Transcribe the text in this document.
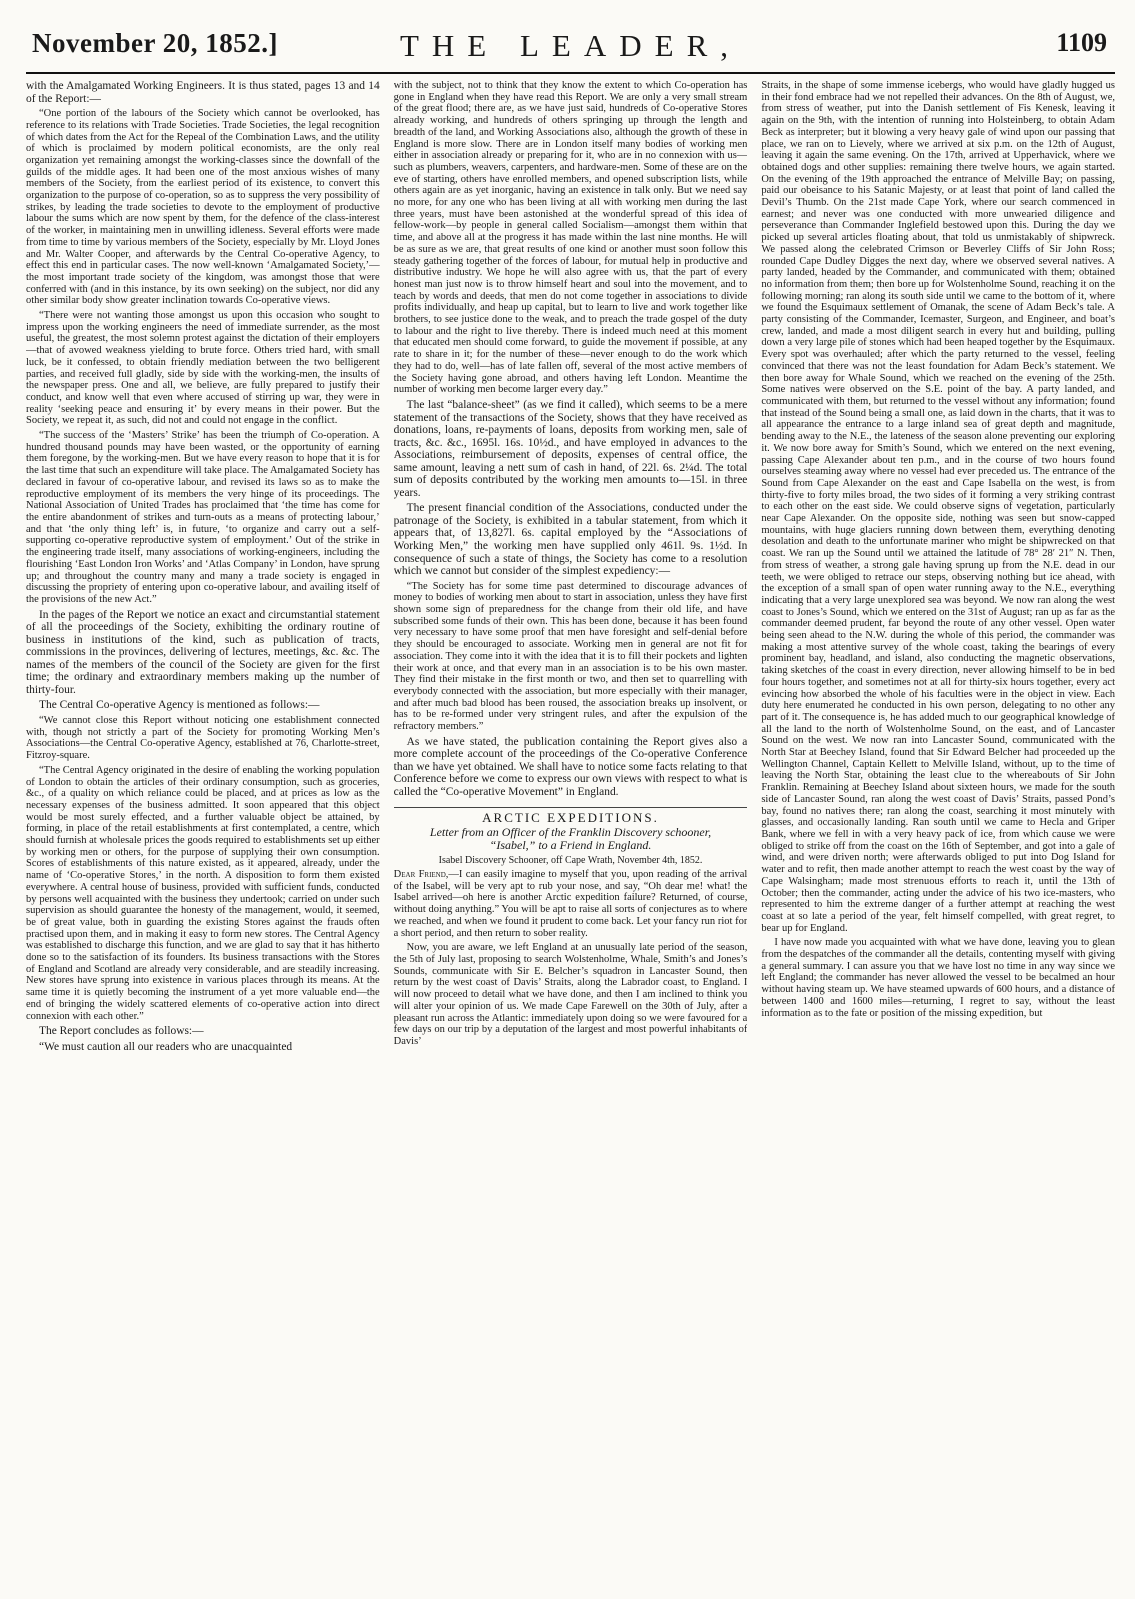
November 20, 1852.]	THE LEADER,	1109

with the Amalgamated Working Engineers. It is thus stated, pages 13 and 14 of the Report:—

“One portion of the labours of the Society which cannot be overlooked, has reference to its relations with Trade Societies. Trade Societies, the legal recognition of which dates from the Act for the Repeal of the Combination Laws, and the utility of which is proclaimed by modern political economists, are the only real organization yet remaining amongst the working-classes since the downfall of the guilds of the middle ages. It had been one of the most anxious wishes of many members of the Society, from the earliest period of its existence, to convert this organization to the purpose of co-operation, so as to suppress the very possibility of strikes, by leading the trade societies to devote to the employment of productive labour the sums which are now spent by them, for the defence of the class-interest of the worker, in maintaining men in unwilling idleness. Several efforts were made from time to time by various members of the Society, especially by Mr. Lloyd Jones and Mr. Walter Cooper, and afterwards by the Central Co-operative Agency, to effect this end in particular cases. The now well-known ‘Amalgamated Society,’—the most important trade society of the kingdom, was amongst those that were conferred with (and in this instance, by its own seeking) on the subject, nor did any other similar body show greater inclination towards Co-operative views.

“There were not wanting those amongst us upon this occasion who sought to impress upon the working engineers the need of immediate surrender, as the most useful, the greatest, the most solemn protest against the dictation of their employers—that of avowed weakness yielding to brute force. Others tried hard, with small luck, be it confessed, to obtain friendly mediation between the two belligerent parties, and received full gladly, side by side with the working-men, the insults of the newspaper press. One and all, we believe, are fully prepared to justify their conduct, and know well that even where accused of stirring up war, they were in reality ‘seeking peace and ensuring it’ by every means in their power. But the Society, we repeat it, as such, did not and could not engage in the conflict.

“The success of the ‘Masters’ Strike’ has been the triumph of Co-operation. A hundred thousand pounds may have been wasted, or the opportunity of earning them foregone, by the working-men. But we have every reason to hope that it is for the last time that such an expenditure will take place. The Amalgamated Society has declared in favour of co-operative labour, and revised its laws so as to make the reproductive employment of its members the very hinge of its proceedings. The National Association of United Trades has proclaimed that ‘the time has come for the entire abandonment of strikes and turn-outs as a means of protecting labour,’ and that ‘the only thing left’ is, in future, ‘to organize and carry out a self-supporting co-operative reproductive system of employment.’ Out of the strike in the engineering trade itself, many associations of working-engineers, including the flourishing ‘East London Iron Works’ and ‘Atlas Company’ in London, have sprung up; and throughout the country many and many a trade society is engaged in discussing the propriety of entering upon co-operative labour, and availing itself of the provisions of the new Act.”

In the pages of the Report we notice an exact and circumstantial statement of all the proceedings of the Society, exhibiting the ordinary routine of business in institutions of the kind, such as publication of tracts, commissions in the provinces, delivering of lectures, meetings, &c. &c. The names of the members of the council of the Society are given for the first time; the ordinary and extraordinary members making up the number of thirty-four.

The Central Co-operative Agency is mentioned as follows:—

“We cannot close this Report without noticing one establishment connected with, though not strictly a part of the Society for promoting Working Men’s Associations—the Central Co-operative Agency, established at 76, Charlotte-street, Fitzroy-square.

“The Central Agency originated in the desire of enabling the working population of London to obtain the articles of their ordinary consumption, such as groceries, &c., of a quality on which reliance could be placed, and at prices as low as the necessary expenses of the business admitted. It soon appeared that this object would be most surely effected, and a further valuable object be attained, by forming, in place of the retail establishments at first contemplated, a centre, which should furnish at wholesale prices the goods required to establishments set up either by working men or others, for the purpose of supplying their own consumption. Scores of establishments of this nature existed, as it appeared, already, under the name of ‘Co-operative Stores,’ in the north. A disposition to form them existed everywhere. A central house of business, provided with sufficient funds, conducted by persons well acquainted with the business they undertook; carried on under such supervision as should guarantee the honesty of the management, would, it seemed, be of great value, both in guarding the existing Stores against the frauds often practised upon them, and in making it easy to form new stores. The Central Agency was established to discharge this function, and we are glad to say that it has hitherto done so to the satisfaction of its founders. Its business transactions with the Stores of England and Scotland are already very considerable, and are steadily increasing. New stores have sprung into existence in various places through its means. At the same time it is quietly becoming the instrument of a yet more valuable end—the end of bringing the widely scattered elements of co-operative action into direct connexion with each other.”

The Report concludes as follows:—

“We must caution all our readers who are unacquainted

with the subject, not to think that they know the extent to which Co-operation has gone in England when they have read this Report. We are only a very small stream of the great flood; there are, as we have just said, hundreds of Co-operative Stores already working, and hundreds of others springing up through the length and breadth of the land, and Working Associations also, although the growth of these in England is more slow. There are in London itself many bodies of working men either in association already or preparing for it, who are in no connexion with us—such as plumbers, weavers, carpenters, and hardware-men. Some of these are on the eve of starting, others have enrolled members, and opened subscription lists, while others again are as yet inorganic, having an existence in talk only. But we need say no more, for any one who has been living at all with working men during the last three years, must have been astonished at the wonderful spread of this idea of fellow-work—by people in general called Socialism—amongst them within that time, and above all at the progress it has made within the last nine months. He will be as sure as we are, that great results of one kind or another must soon follow this steady gathering together of the forces of labour, for mutual help in productive and distributive industry. We hope he will also agree with us, that the part of every honest man just now is to throw himself heart and soul into the movement, and to teach by words and deeds, that men do not come together in associations to divide profits individually, and heap up capital, but to learn to live and work together like brothers, to see justice done to the weak, and to preach the trade gospel of the duty to labour and the right to live thereby. There is indeed much need at this moment that educated men should come forward, to guide the movement if possible, at any rate to share in it; for the number of these—never enough to do the work which they had to do, well—has of late fallen off, several of the most active members of the Society having gone abroad, and others having left London. Meantime the number of working men become larger every day.”

The last “balance-sheet” (as we find it called), which seems to be a mere statement of the transactions of the Society, shows that they have received as donations, loans, re-payments of loans, deposits from working men, sale of tracts, &c. &c., 1695l. 16s. 10½d., and have employed in advances to the Associations, reimbursement of deposits, expenses of central office, the same amount, leaving a nett sum of cash in hand, of 22l. 6s. 2¼d. The total sum of deposits contributed by the working men amounts to—15l. in three years.

The present financial condition of the Associations, conducted under the patronage of the Society, is exhibited in a tabular statement, from which it appears that, of 13,827l. 6s. capital employed by the “Associations of Working Men,” the working men have supplied only 461l. 9s. 1½d. In consequence of such a state of things, the Society has come to a resolution which we cannot but consider of the simplest expediency:—

“The Society has for some time past determined to discourage advances of money to bodies of working men about to start in association, unless they have first shown some sign of preparedness for the change from their old life, and have subscribed some funds of their own. This has been done, because it has been found very necessary to have some proof that men have foresight and self-denial before they should be encouraged to associate. Working men in general are not fit for association. They come into it with the idea that it is to fill their pockets and lighten their work at once, and that every man in an association is to be his own master. They find their mistake in the first month or two, and then set to quarrelling with everybody connected with the association, but more especially with their manager, and after much bad blood has been roused, the association breaks up insolvent, or has to be re-formed under very stringent rules, and after the expulsion of the refractory members.”

As we have stated, the publication containing the Report gives also a more complete account of the proceedings of the Co-operative Conference than we have yet obtained. We shall have to notice some facts relating to that Conference before we come to express our own views with respect to what is called the “Co-operative Movement” in England.

ARCTIC EXPEDITIONS.
Letter from an Officer of the Franklin Discovery schooner, “Isabel,” to a Friend in England.
Isabel Discovery Schooner, off Cape Wrath, November 4th, 1852.

Dear Friend,—I can easily imagine to myself that you, upon reading of the arrival of the Isabel, will be very apt to rub your nose, and say, “Oh dear me! what! the Isabel arrived—oh here is another Arctic expedition failure? Returned, of course, without doing anything.” You will be apt to raise all sorts of conjectures as to where we reached, and when we found it prudent to come back. Let your fancy run riot for a short period, and then return to sober reality.

Now, you are aware, we left England at an unusually late period of the season, the 5th of July last, proposing to search Wolstenholme, Whale, Smith’s and Jones’s Sounds, communicate with Sir E. Belcher’s squadron in Lancaster Sound, then return by the west coast of Davis’ Straits, along the Labrador coast, to England. I will now proceed to detail what we have done, and then I am inclined to think you will alter your opinion of us. We made Cape Farewell on the 30th of July, after a pleasant run across the Atlantic: immediately upon doing so we were favoured for a few days on our trip by a deputation of the largest and most powerful inhabitants of Davis’

Straits, in the shape of some immense icebergs, who would have gladly hugged us in their fond embrace had we not repelled their advances. On the 8th of August, we, from stress of weather, put into the Danish settlement of Fis Kenesk, leaving it again on the 9th, with the intention of running into Holsteinberg, to obtain Adam Beck as interpreter; but it blowing a very heavy gale of wind upon our passing that place, we ran on to Lievely, where we arrived at six p.m. on the 12th of August, leaving it again the same evening. On the 17th, arrived at Upperhavick, where we obtained dogs and other supplies: remaining there twelve hours, we again started. On the evening of the 19th approached the entrance of Melville Bay; on passing, paid our obeisance to his Satanic Majesty, or at least that point of land called the Devil’s Thumb. On the 21st made Cape York, where our search commenced in earnest; and never was one conducted with more unwearied diligence and perseverance than Commander Inglefield bestowed upon this. During the day we picked up several articles floating about, that told us unmistakably of shipwreck. We passed along the celebrated Crimson or Beverley Cliffs of Sir John Ross; rounded Cape Dudley Digges the next day, where we observed several natives. A party landed, headed by the Commander, and communicated with them; obtained no information from them; then bore up for Wolstenholme Sound, reaching it on the following morning; ran along its south side until we came to the bottom of it, where we found the Esquimaux settlement of Omanak, the scene of Adam Beck’s tale. A party consisting of the Commander, Icemaster, Surgeon, and Engineer, and boat’s crew, landed, and made a most diligent search in every hut and building, pulling down a very large pile of stones which had been heaped together by the Esquimaux. Every spot was overhauled; after which the party returned to the vessel, feeling convinced that there was not the least foundation for Adam Beck’s statement. We then bore away for Whale Sound, which we reached on the evening of the 25th. Some natives were observed on the S.E. point of the bay. A party landed, and communicated with them, but returned to the vessel without any information; found that instead of the Sound being a small one, as laid down in the charts, that it was to all appearance the entrance to a large inland sea of great depth and magnitude, bending away to the N.E., the lateness of the season alone preventing our exploring it. We now bore away for Smith’s Sound, which we entered on the next evening, passing Cape Alexander about ten p.m., and in the course of two hours found ourselves steaming away where no vessel had ever preceded us. The entrance of the Sound from Cape Alexander on the east and Cape Isabella on the west, is from thirty-five to forty miles broad, the two sides of it forming a very striking contrast to each other on the east side. We could observe signs of vegetation, particularly near Cape Alexander. On the opposite side, nothing was seen but snow-capped mountains, with huge glaciers running down between them, everything denoting desolation and death to the unfortunate mariner who might be shipwrecked on that coast. We ran up the Sound until we attained the latitude of 78° 28′ 21″ N. Then, from stress of weather, a strong gale having sprung up from the N.E. dead in our teeth, we were obliged to retrace our steps, observing nothing but ice ahead, with the exception of a small span of open water running away to the N.E., everything indicating that a very large unexplored sea was beyond. We now ran along the west coast to Jones’s Sound, which we entered on the 31st of August; ran up as far as the commander deemed prudent, far beyond the route of any other vessel. Open water being seen ahead to the N.W. during the whole of this period, the commander was making a most attentive survey of the whole coast, taking the bearings of every prominent bay, headland, and island, also conducting the magnetic observations, taking sketches of the coast in every direction, never allowing himself to be in bed four hours together, and sometimes not at all for thirty-six hours together, every act evincing how absorbed the whole of his faculties were in the object in view. Each duty here enumerated he conducted in his own person, delegating to no other any part of it. The consequence is, he has added much to our geographical knowledge of all the land to the north of Wolstenholme Sound, on the east, and of Lancaster Sound on the west. We now ran into Lancaster Sound, communicated with the North Star at Beechey Island, found that Sir Edward Belcher had proceeded up the Wellington Channel, Captain Kellett to Melville Island, without, up to the time of leaving the North Star, obtaining the least clue to the whereabouts of Sir John Franklin. Remaining at Beechey Island about sixteen hours, we made for the south side of Lancaster Sound, ran along the west coast of Davis’ Straits, passed Pond’s bay, found no natives there; ran along the coast, searching it most minutely with glasses, and occasionally landing. Ran south until we came to Hecla and Griper Bank, where we fell in with a very heavy pack of ice, from which cause we were obliged to strike off from the coast on the 16th of September, and got into a gale of wind, and were driven north; were afterwards obliged to put into Dog Island for water and to refit, then made another attempt to reach the west coast by the way of Cape Walsingham; made most strenuous efforts to reach it, until the 13th of October; then the commander, acting under the advice of his two ice-masters, who represented to him the extreme danger of a further attempt at reaching the west coast at so late a period of the year, felt himself compelled, with great regret, to bear up for England.

I have now made you acquainted with what we have done, leaving you to glean from the despatches of the commander all the details, contenting myself with giving a general summary. I can assure you that we have lost no time in any way since we left England; the commander has never allowed the vessel to be becalmed an hour without having steam up. We have steamed upwards of 600 hours, and a distance of between 1400 and 1600 miles—returning, I regret to say, without the least information as to the fate or position of the missing expedition, but
